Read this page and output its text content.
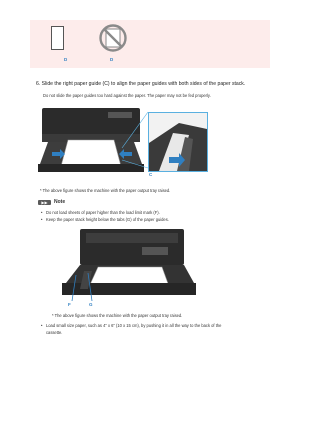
D	D
6. Slide the right paper guide (C) to align the paper guides with both sides of the paper stack.
Do not slide the paper guides too hard against the paper. The paper may not be fed properly.
C
* The above figure shows the machine with the paper output tray raised.
▶▶	Note
• Do not load sheets of paper higher than the load limit mark (F).
• Keep the paper stack height below the tabs (G) of the paper guides.
F	G
* The above figure shows the machine with the paper output tray raised.
• Load small size paper, such as 4" x 6" (10 x 15 cm), by pushing it in all the way to the back of the
cassette.
